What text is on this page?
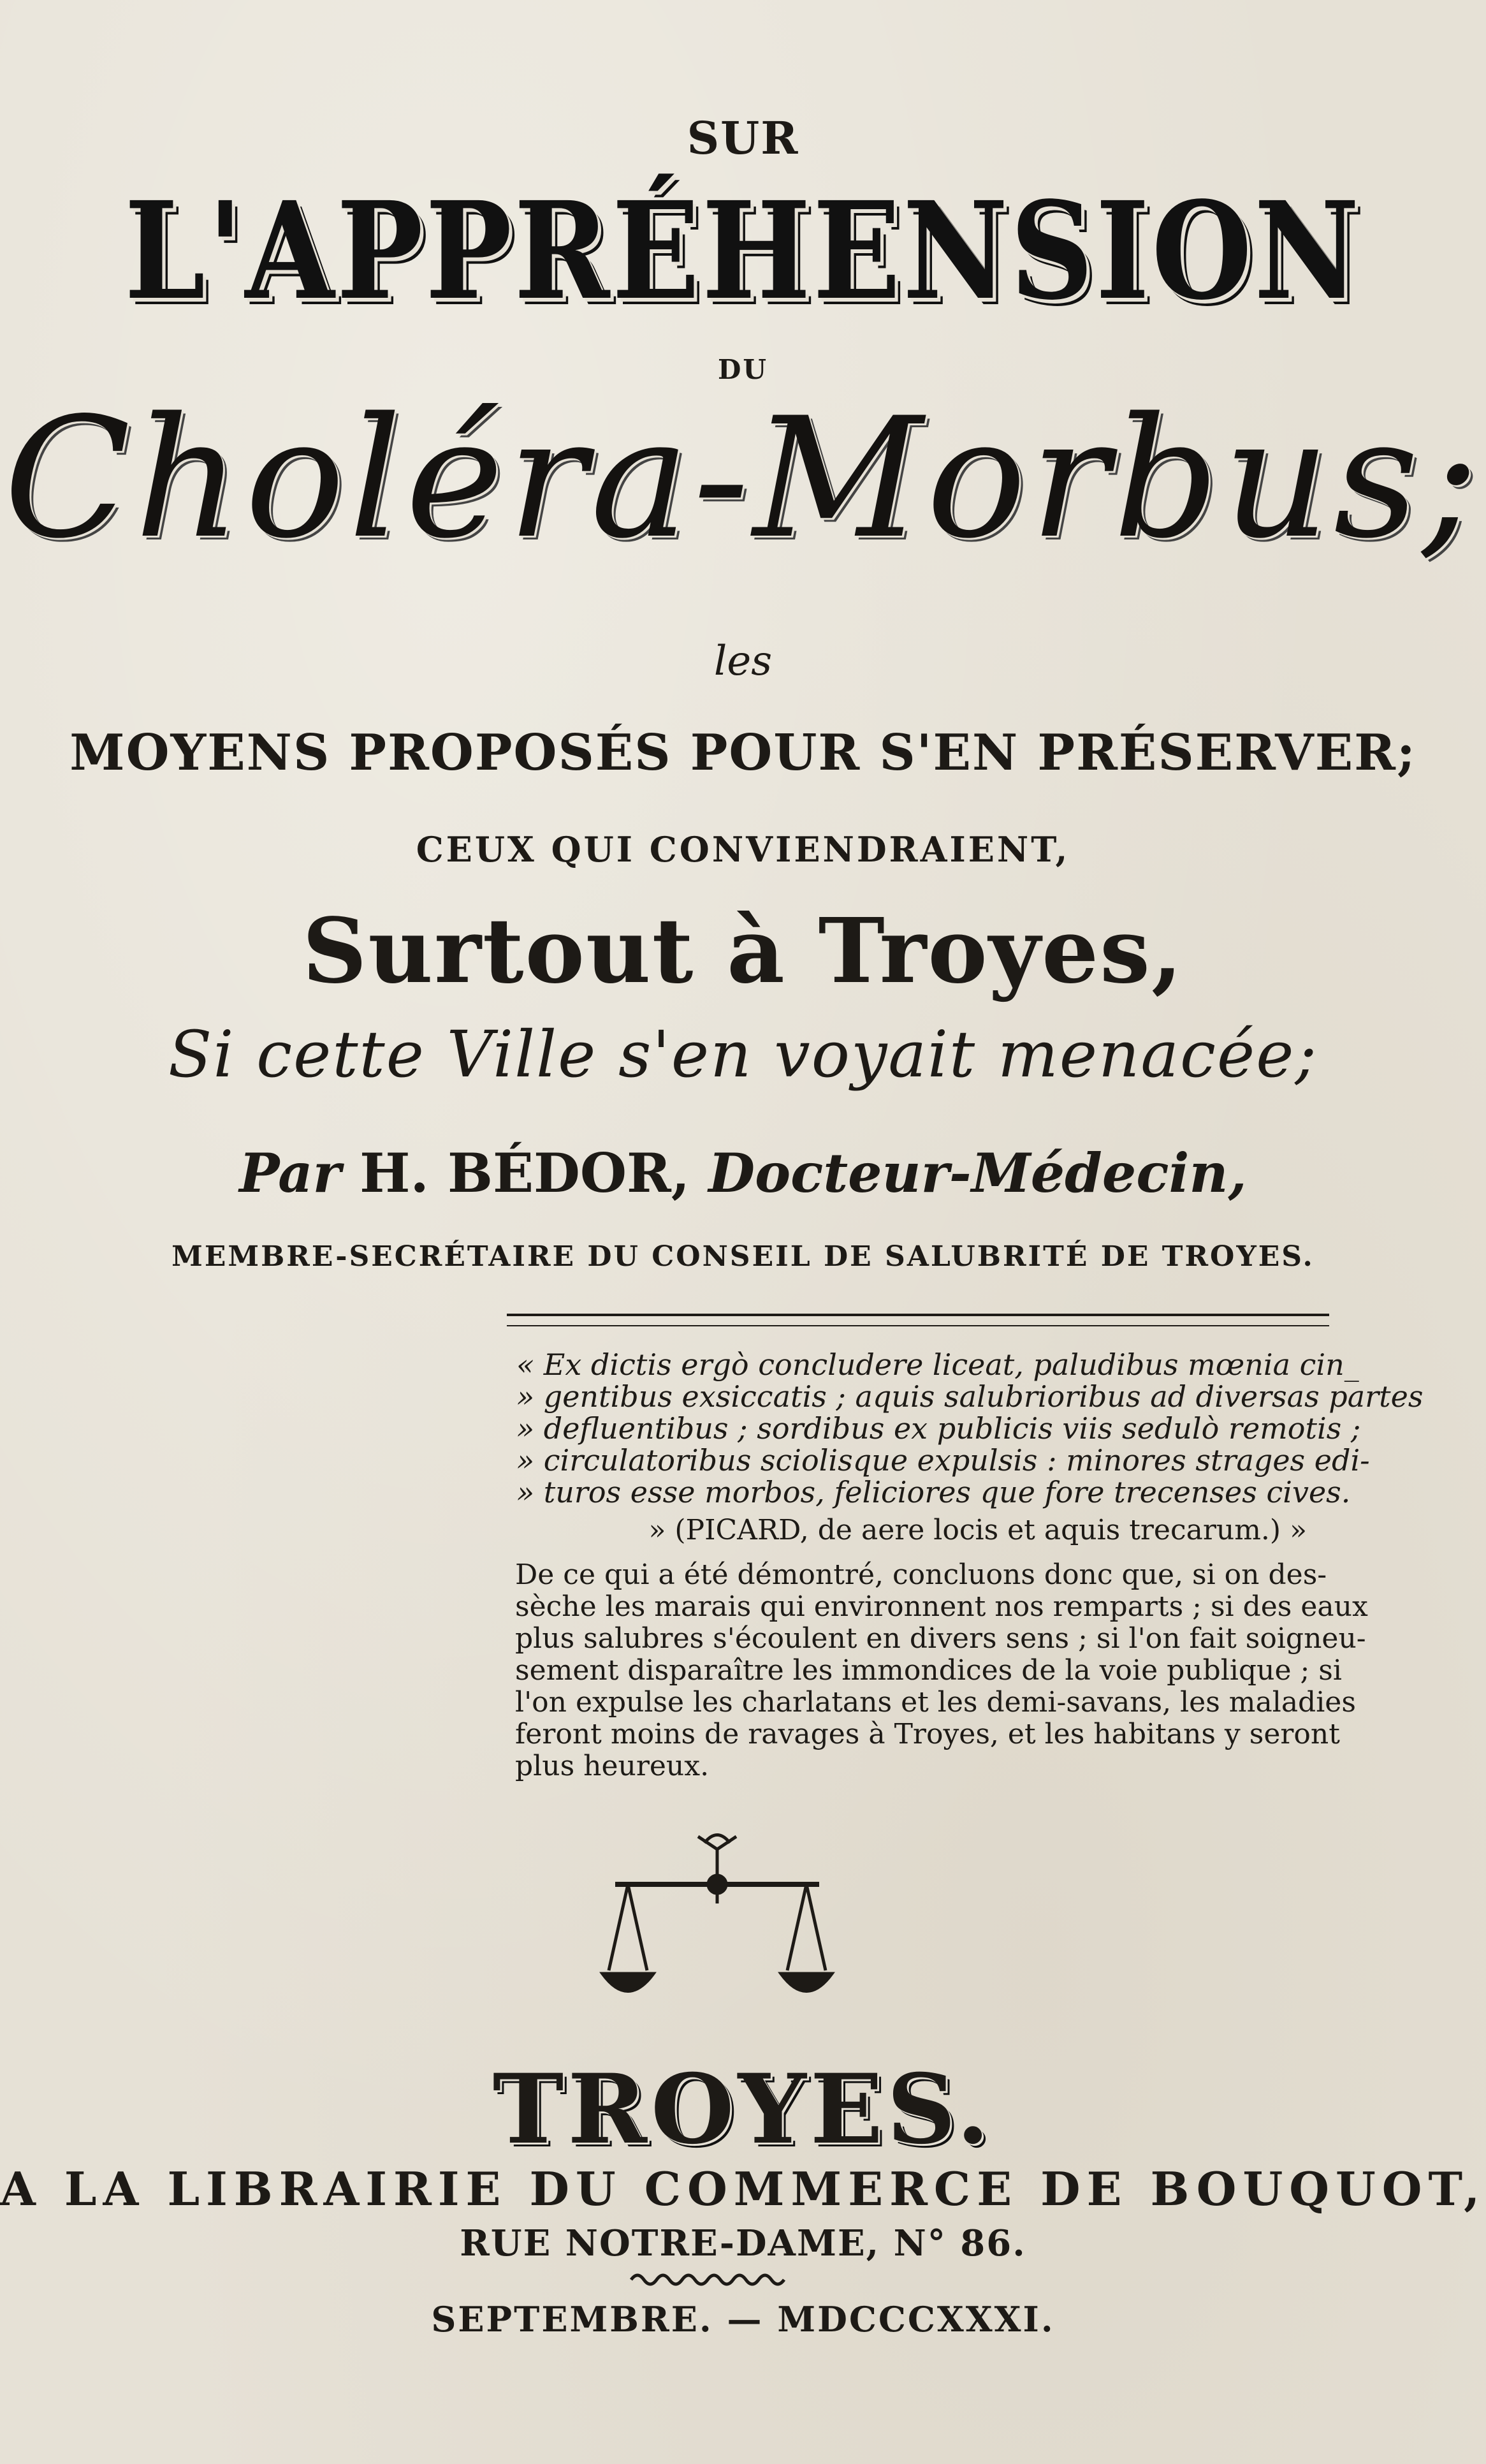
SUR
L'APPRÉHENSION
DU
Choléra-Morbus;
les
MOYENS PROPOSÉS POUR S'EN PRÉSERVER;
CEUX QUI CONVIENDRAIENT,
Surtout à Troyes,
Si cette Ville s'en voyait menacée;
Par H. BÉDOR, Docteur-Médecin,
MEMBRE-SECRÉTAIRE DU CONSEIL DE SALUBRITÉ DE TROYES.
« Ex dictis ergò concludere liceat, paludibus mœnia cin_
» gentibus exsiccatis ; aquis salubrioribus ad diversas partes
» defluentibus ; sordibus ex publicis viis sedulò remotis ;
» circulatoribus sciolisque expulsis : minores strages edi-
» turos esse morbos, feliciores que fore trecenses cives.
» (PICARD, de aere locis et aquis trecarum.) »
De ce qui a été démontré, concluons donc que, si on des-
sèche les marais qui environnent nos remparts ; si des eaux
plus salubres s'écoulent en divers sens ; si l'on fait soigneu-
sement disparaître les immondices de la voie publique ; si
l'on expulse les charlatans et les demi-savans, les maladies
feront moins de ravages à Troyes, et les habitans y seront
plus heureux.
TROYES.
A LA LIBRAIRIE DU COMMERCE DE BOUQUOT,
RUE NOTRE-DAME, N° 86.
SEPTEMBRE. — MDCCCXXXI.
